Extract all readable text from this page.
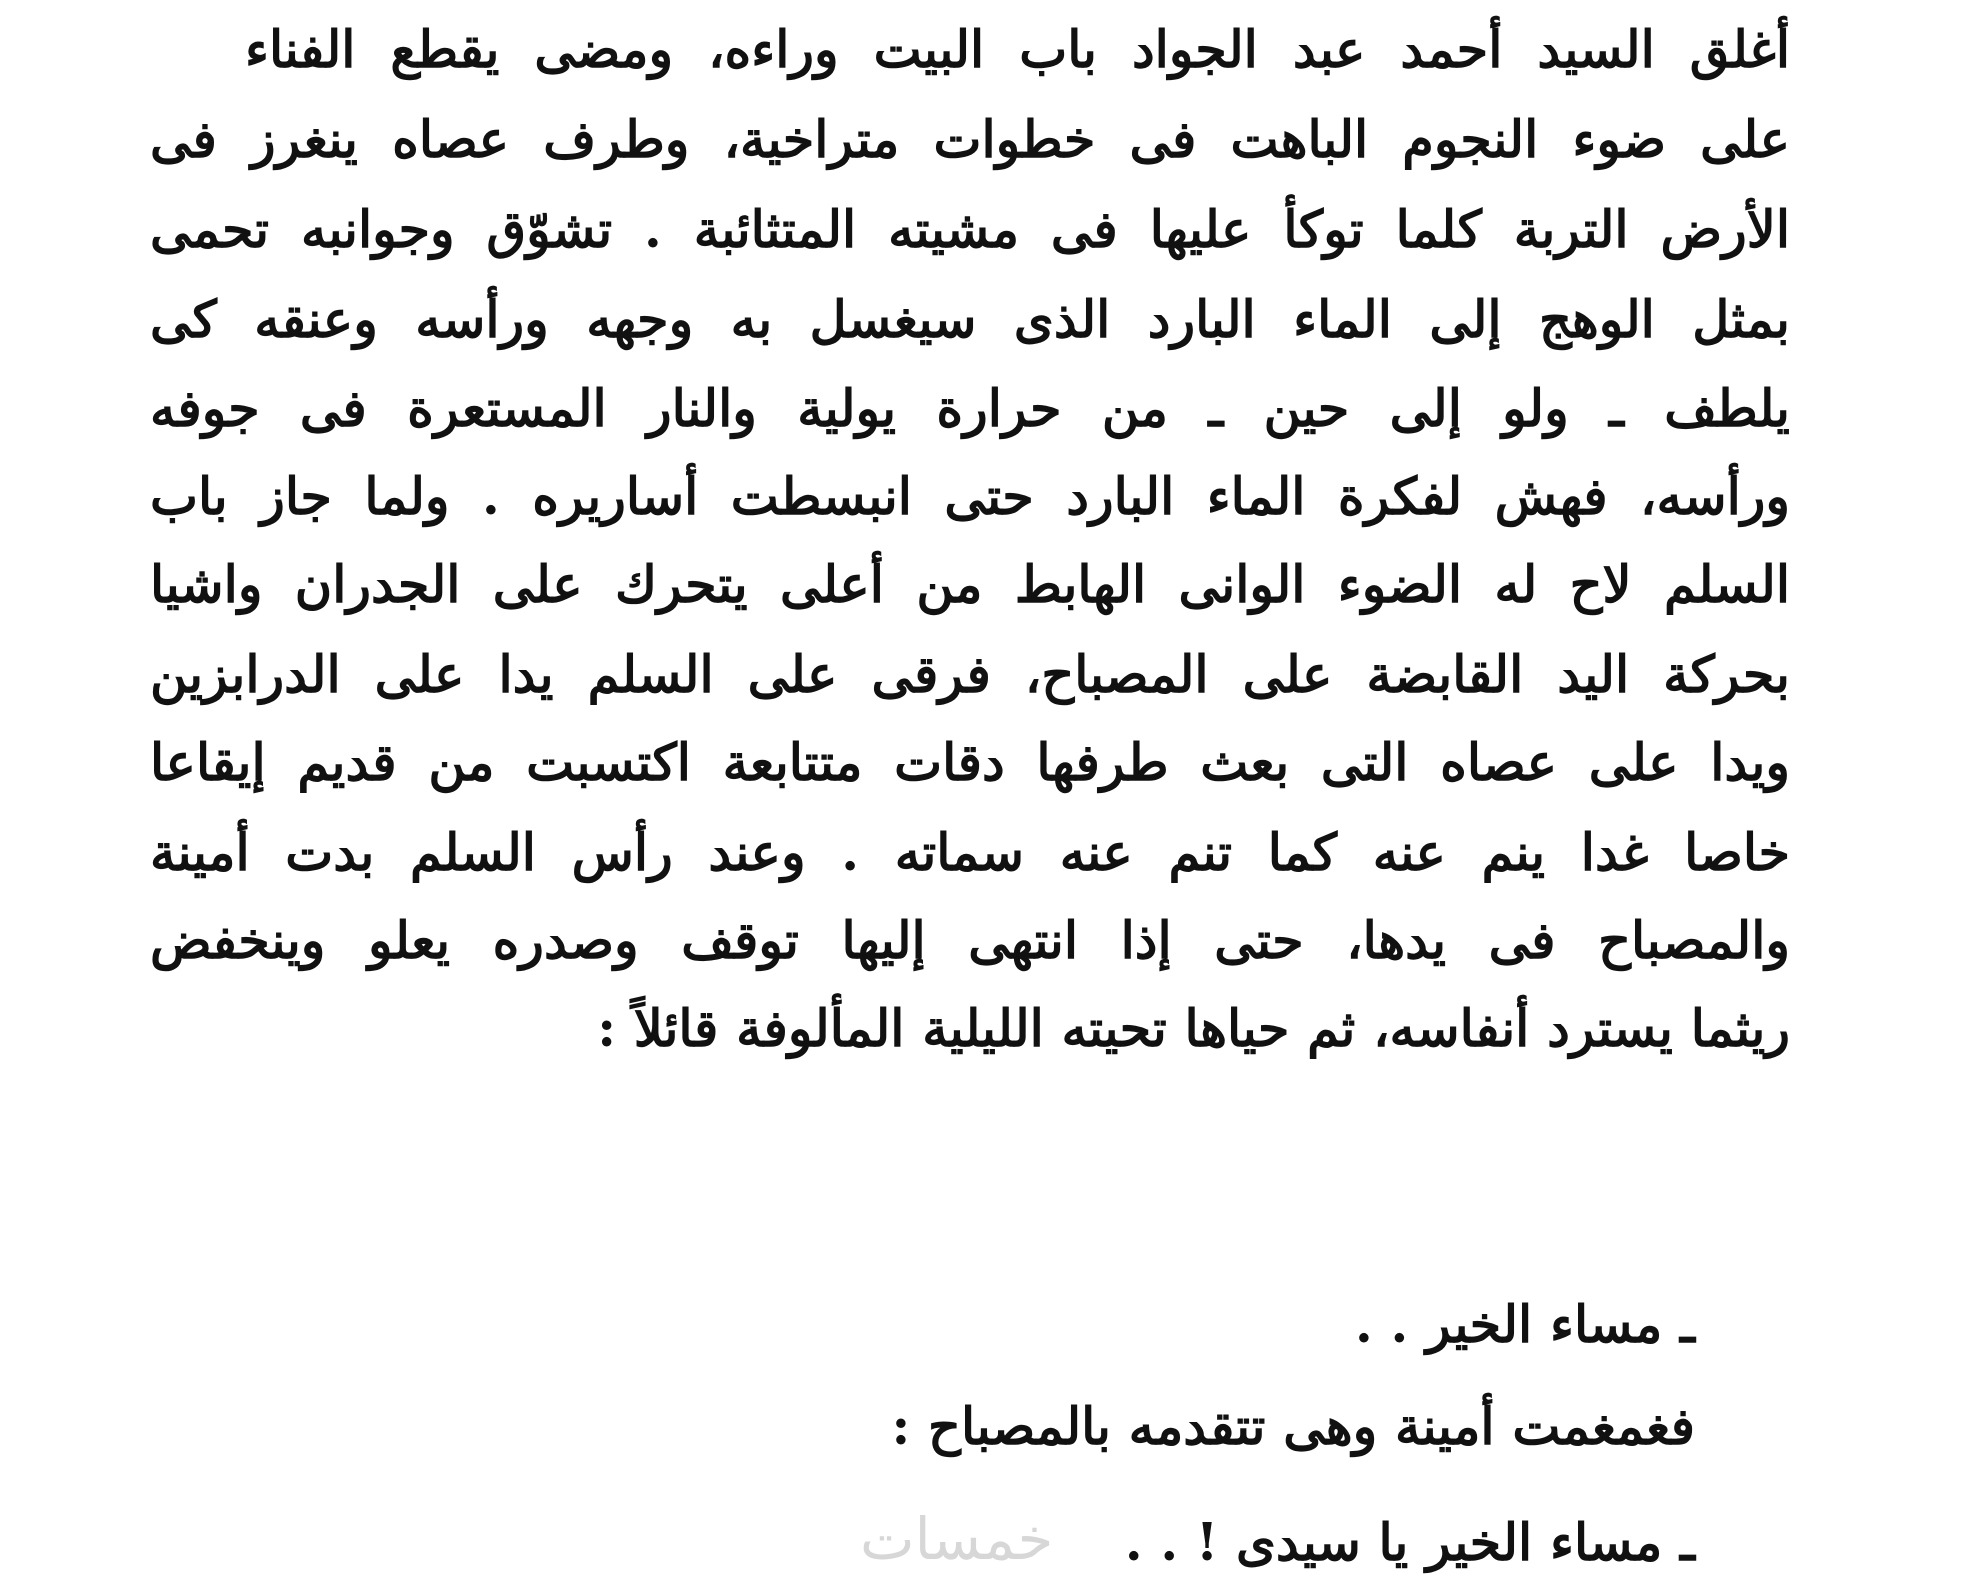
أغلق السيد أحمد عبد الجواد باب البيت وراءه، ومضى يقطع الفناء
على ضوء النجوم الباهت فى خطوات متراخية، وطرف عصاه ينغرز فى
الأرض التربة كلما توكأ عليها فى مشيته المتثائبة . تشوّق وجوانبه تحمى
بمثل الوهج إلى الماء البارد الذى سيغسل به وجهه ورأسه وعنقه كى
يلطف ـ ولو إلى حين ـ من حرارة يولية والنار المستعرة فى جوفه
ورأسه، فهش لفكرة الماء البارد حتى انبسطت أساريره . ولما جاز باب
السلم لاح له الضوء الوانى الهابط من أعلى يتحرك على الجدران واشيا
بحركة اليد القابضة على المصباح، فرقى على السلم يدا على الدرابزين
ويدا على عصاه التى بعث طرفها دقات متتابعة اكتسبت من قديم إيقاعا
خاصا غدا ينم عنه كما تنم عنه سماته . وعند رأس السلم بدت أمينة
والمصباح فى يدها، حتى إذا انتهى إليها توقف وصدره يعلو وينخفض
ريثما يسترد أنفاسه، ثم حياها تحيته الليلية المألوفة قائلاً :
ـ مساء الخير . .
فغمغمت أمينة وهى تتقدمه بالمصباح :
ـ مساء الخير يا سيدى ! . .
خمسات
